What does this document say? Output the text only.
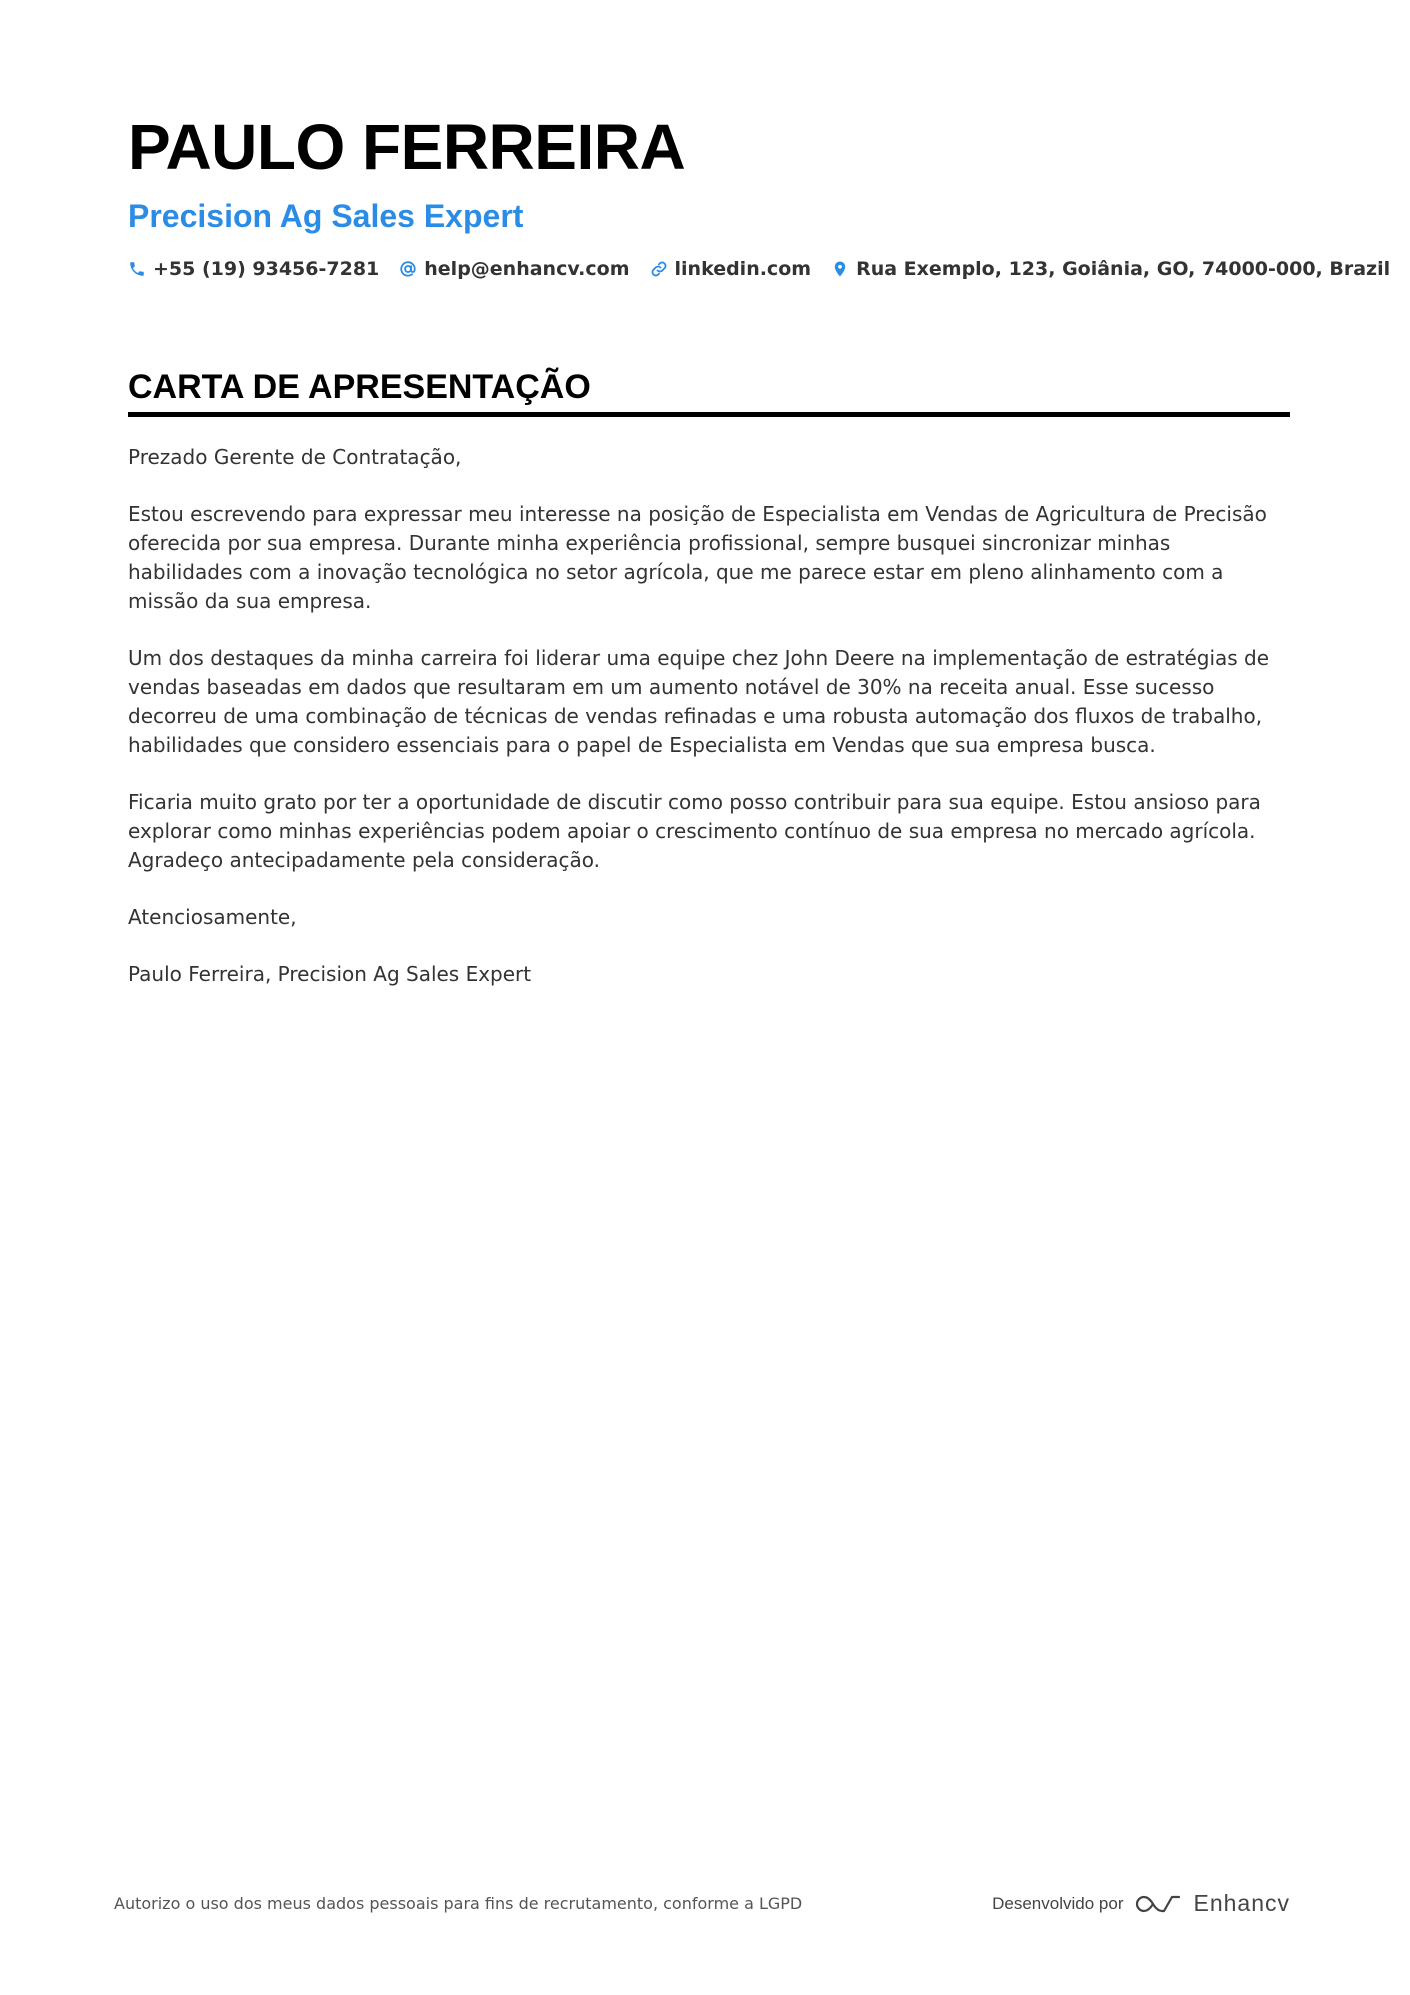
PAULO FERREIRA
Precision Ag Sales Expert
+55 (19) 93456-7281 help@enhancv.com linkedin.com Rua Exemplo, 123, Goiânia, GO, 74000-000, Brazil
CARTA DE APRESENTAÇÃO

Prezado Gerente de Contratação,

Estou escrevendo para expressar meu interesse na posição de Especialista em Vendas de Agricultura de Precisão oferecida por sua empresa. Durante minha experiência profissional, sempre busquei sincronizar minhas habilidades com a inovação tecnológica no setor agrícola, que me parece estar em pleno alinhamento com a missão da sua empresa.

Um dos destaques da minha carreira foi liderar uma equipe chez John Deere na implementação de estratégias de vendas baseadas em dados que resultaram em um aumento notável de 30% na receita anual. Esse sucesso decorreu de uma combinação de técnicas de vendas refinadas e uma robusta automação dos fluxos de trabalho, habilidades que considero essenciais para o papel de Especialista em Vendas que sua empresa busca.

Ficaria muito grato por ter a oportunidade de discutir como posso contribuir para sua equipe. Estou ansioso para explorar como minhas experiências podem apoiar o crescimento contínuo de sua empresa no mercado agrícola. Agradeço antecipadamente pela consideração.

Atenciosamente,

Paulo Ferreira, Precision Ag Sales Expert

Autorizo o uso dos meus dados pessoais para fins de recrutamento, conforme a LGPD	Desenvolvido por	Enhancv
